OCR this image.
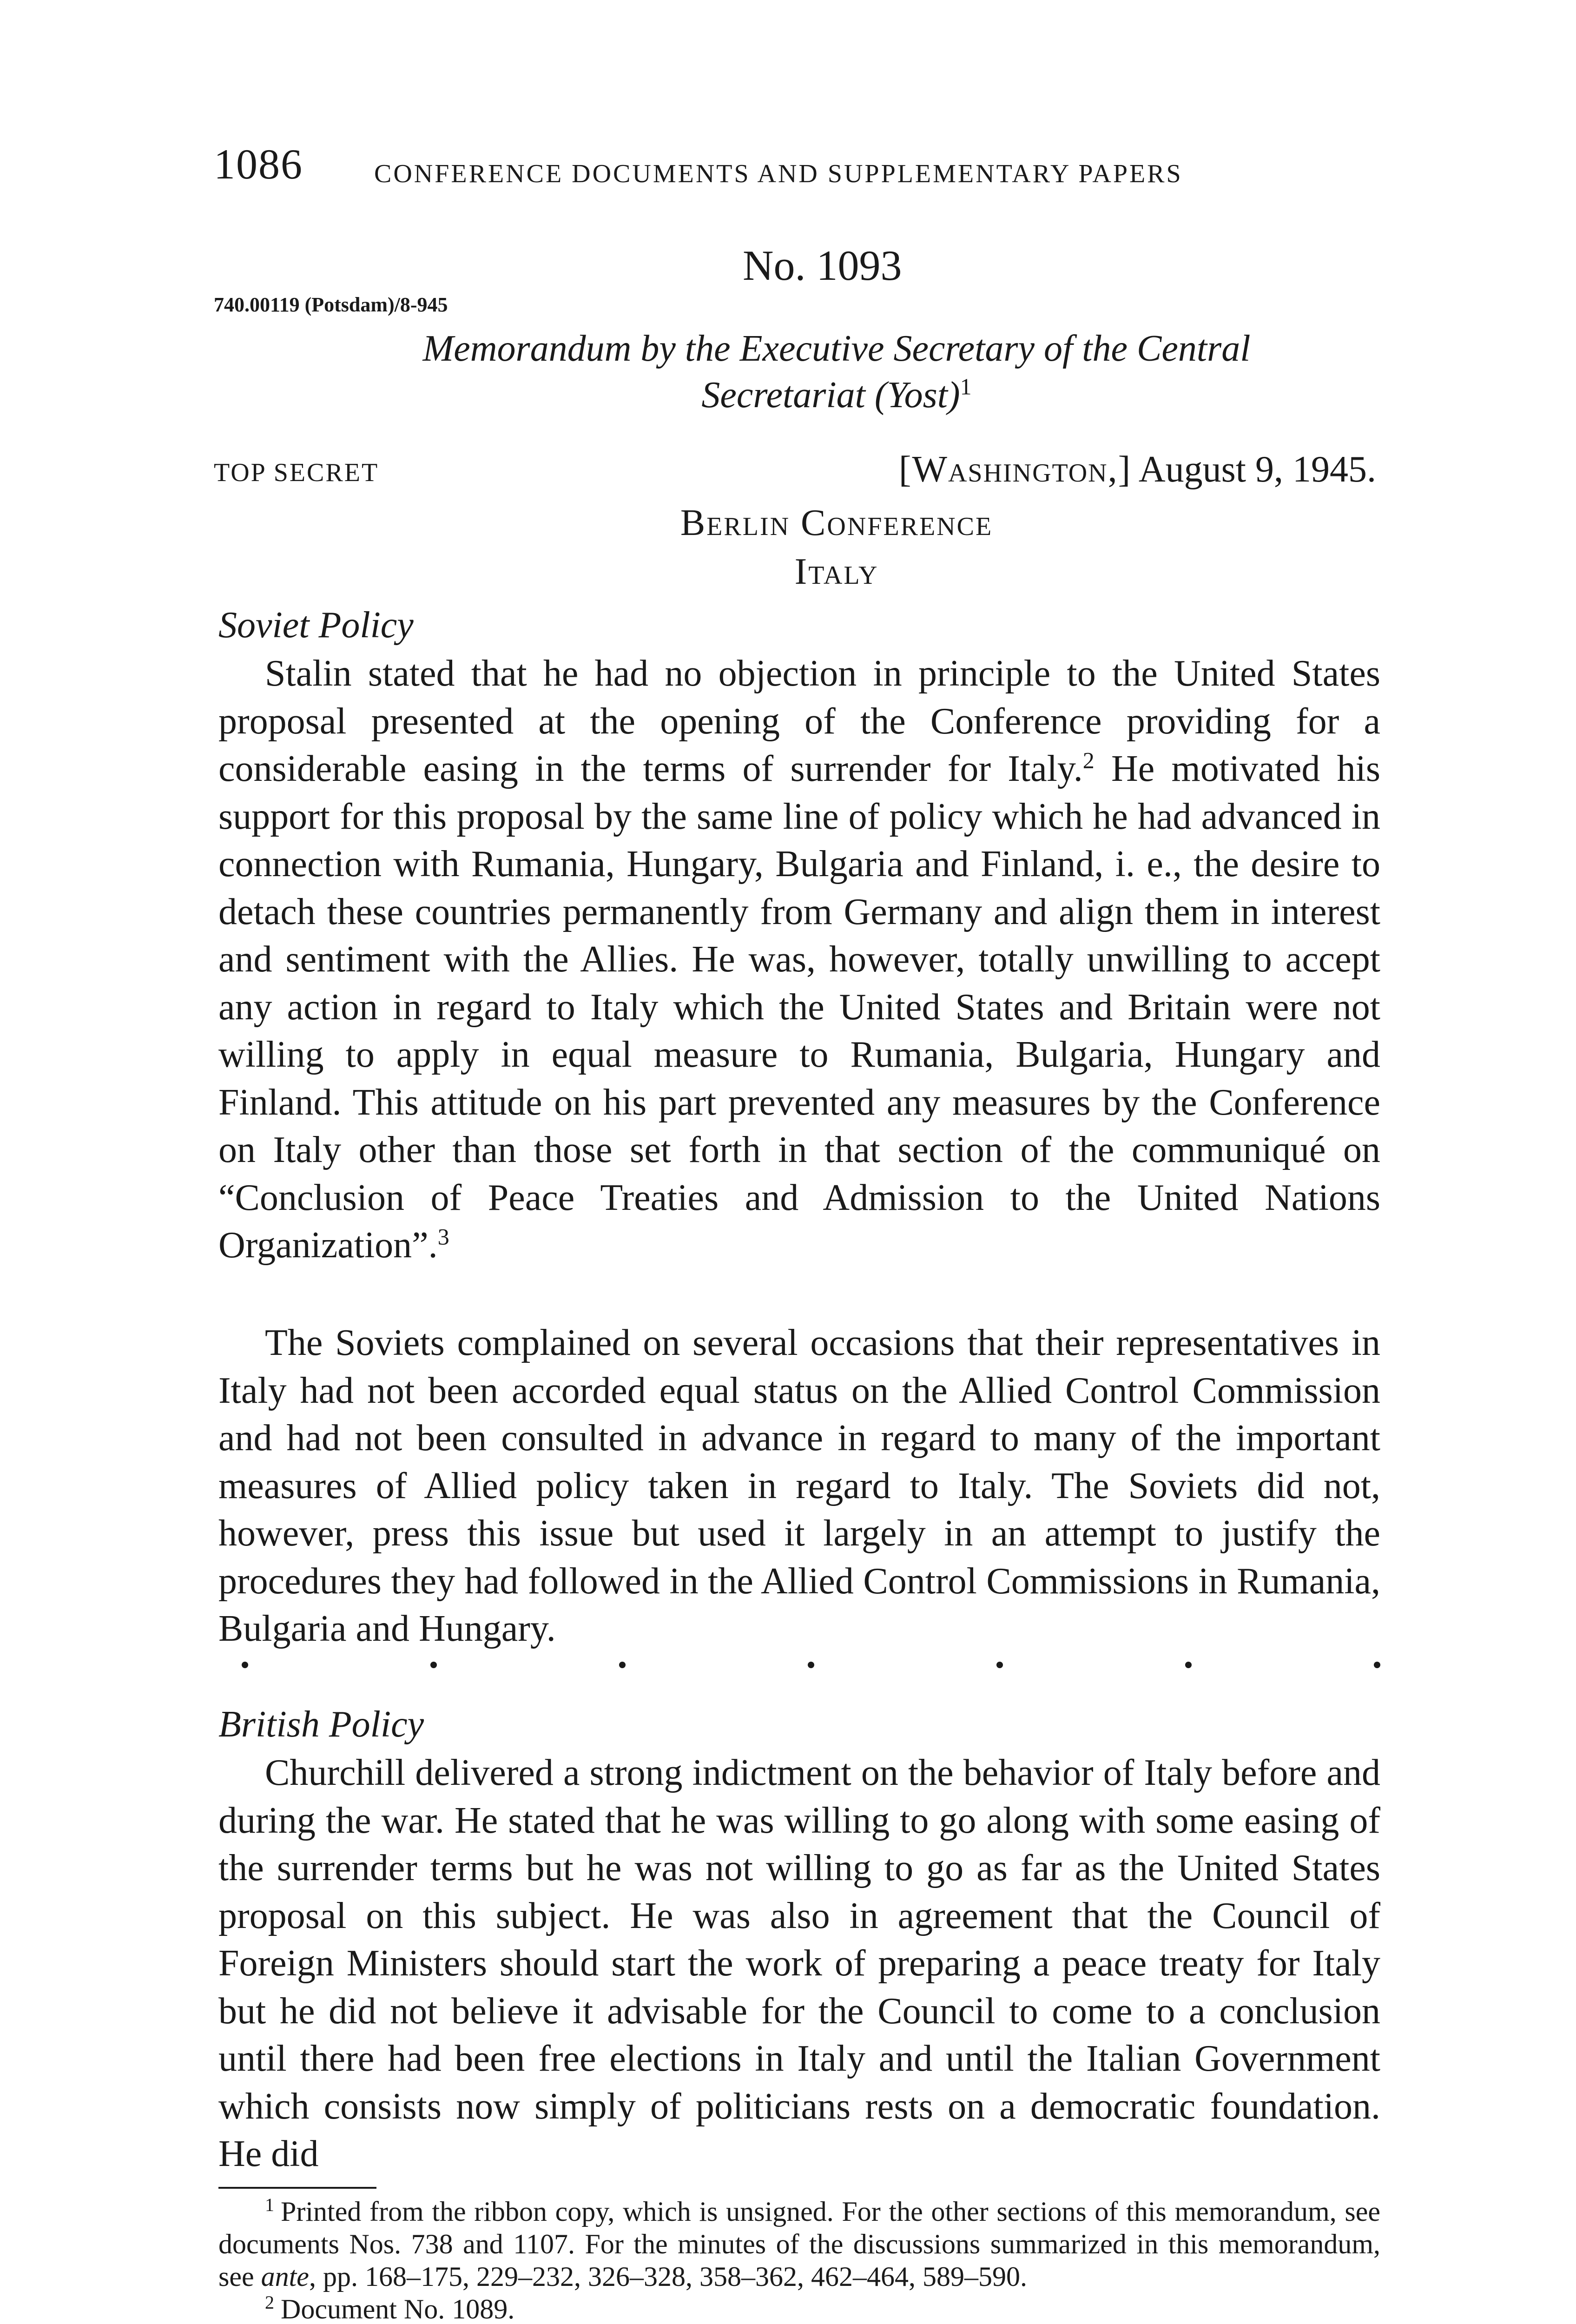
1086	CONFERENCE DOCUMENTS AND SUPPLEMENTARY PAPERS
No. 1093
740.00119 (Potsdam)/8-945
Memorandum by the Executive Secretary of the Central
Secretariat (Yost)$^1$
TOP SECRET	[Washington,] August 9, 1945.
Berlin Conference
Italy
Soviet Policy

Stalin stated that he had no objection in principle to the United States proposal presented at the opening of the Conference providing for a considerable easing in the terms of surrender for Italy.$^2$ He motivated his support for this proposal by the same line of policy which he had advanced in connection with Rumania, Hungary, Bulgaria and Finland, i. e., the desire to detach these countries permanently from Germany and align them in interest and sentiment with the Allies. He was, however, totally unwilling to accept any action in regard to Italy which the United States and Britain were not willing to apply in equal measure to Rumania, Bulgaria, Hungary and Finland. This attitude on his part prevented any measures by the Conference on Italy other than those set forth in that section of the communiqué on “Conclusion of Peace Treaties and Admission to the United Nations Organization”.$^3$

The Soviets complained on several occasions that their representatives in Italy had not been accorded equal status on the Allied Control Commission and had not been consulted in advance in regard to many of the important measures of Allied policy taken in regard to Italy. The Soviets did not, however, press this issue but used it largely in an attempt to justify the procedures they had followed in the Allied Control Commissions in Rumania, Bulgaria and Hungary.

British Policy

Churchill delivered a strong indictment on the behavior of Italy before and during the war. He stated that he was willing to go along with some easing of the surrender terms but he was not willing to go as far as the United States proposal on this subject. He was also in agreement that the Council of Foreign Ministers should start the work of preparing a peace treaty for Italy but he did not believe it advisable for the Council to come to a conclusion until there had been free elections in Italy and until the Italian Government which consists now simply of politicians rests on a democratic foundation. He did

$^1$ Printed from the ribbon copy, which is unsigned. For the other sections of this memorandum, see documents Nos. 738 and 1107. For the minutes of the discussions summarized in this memorandum, see ante, pp. 168–175, 229–232, 326–328, 358–362, 462–464, 589–590.
$^2$ Document No. 1089.
